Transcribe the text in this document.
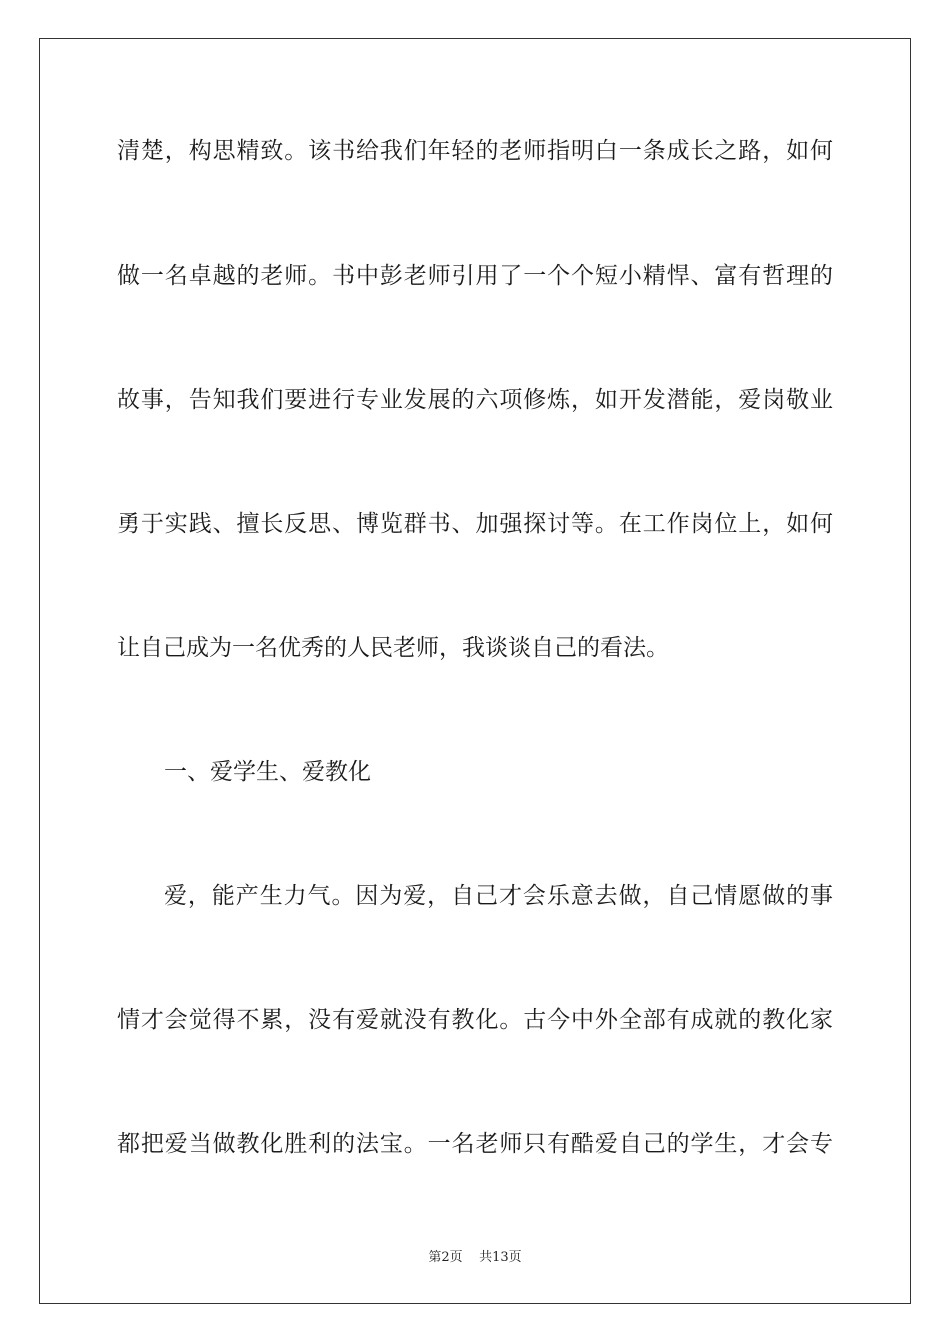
清楚，构思精致。该书给我们年轻的老师指明白一条成长之路，如何
做一名卓越的老师。书中彭老师引用了一个个短小精悍、富有哲理的
故事，告知我们要进行专业发展的六项修炼，如开发潜能，爱岗敬业
勇于实践、擅长反思、博览群书、加强探讨等。在工作岗位上，如何
让自己成为一名优秀的人民老师，我谈谈自己的看法。
一、爱学生、爱教化
爱，能产生力气。因为爱，自己才会乐意去做，自己情愿做的事
情才会觉得不累，没有爱就没有教化。古今中外全部有成就的教化家
都把爱当做教化胜利的法宝。一名老师只有酷爱自己的学生，才会专
第2页 共13页
